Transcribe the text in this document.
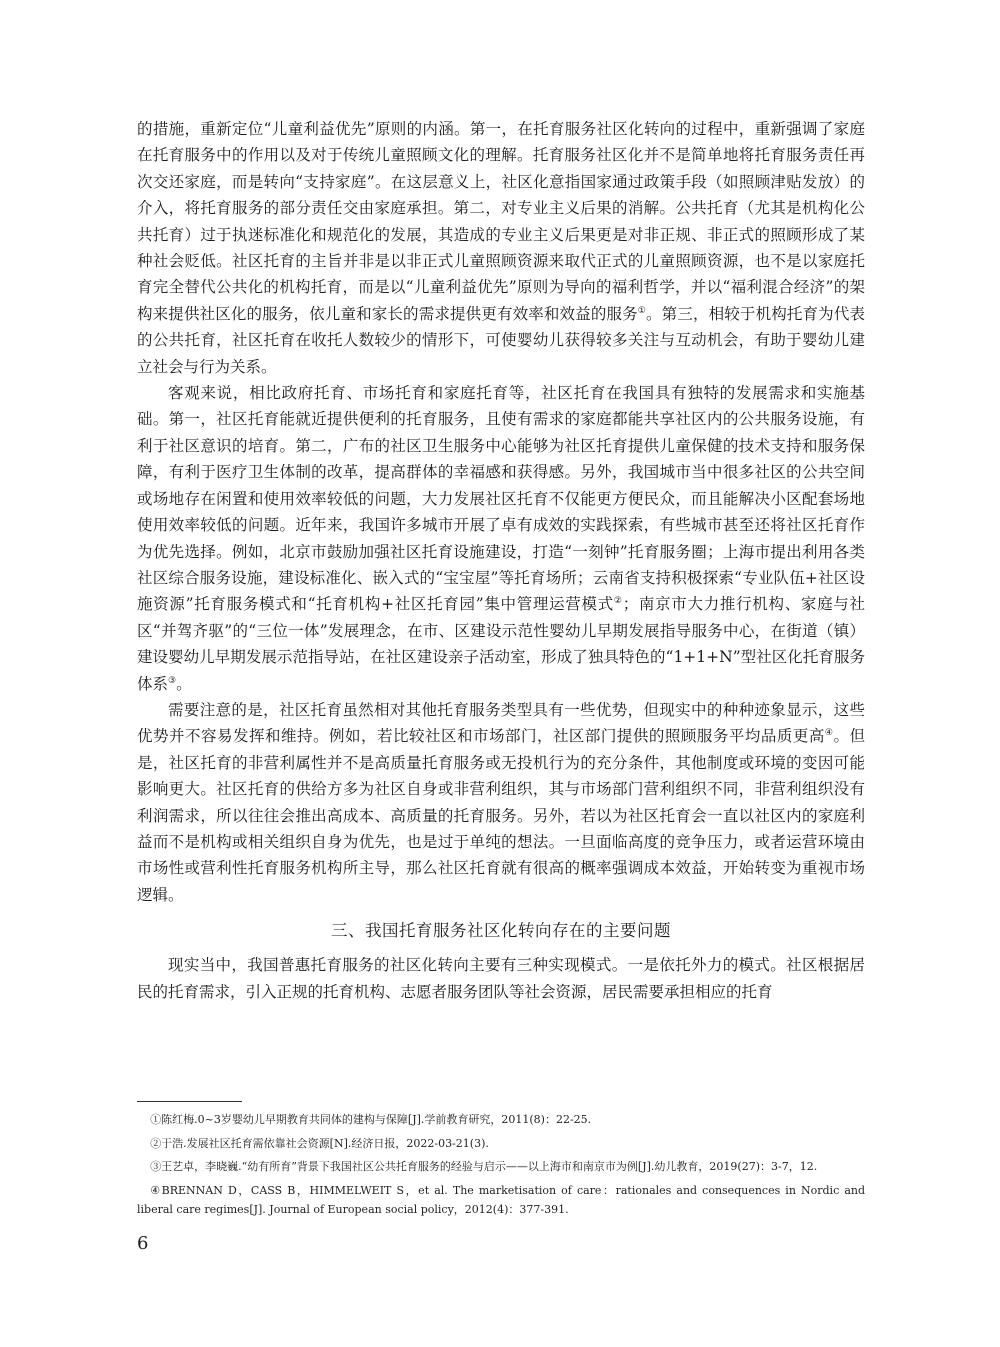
的措施，重新定位“儿童利益优先”原则的内涵。第一，在托育服务社区化转向的过程中，重新强调了家庭在托育服务中的作用以及对于传统儿童照顾文化的理解。托育服务社区化并不是简单地将托育服务责任再次交还家庭，而是转向“支持家庭”。在这层意义上，社区化意指国家通过政策手段（如照顾津贴发放）的介入，将托育服务的部分责任交由家庭承担。第二，对专业主义后果的消解。公共托育（尤其是机构化公共托育）过于执迷标准化和规范化的发展，其造成的专业主义后果更是对非正规、非正式的照顾形成了某种社会贬低。社区托育的主旨并非是以非正式儿童照顾资源来取代正式的儿童照顾资源，也不是以家庭托育完全替代公共化的机构托育，而是以“儿童利益优先”原则为导向的福利哲学，并以“福利混合经济”的架构来提供社区化的服务，依儿童和家长的需求提供更有效率和效益的服务①。第三，相较于机构托育为代表的公共托育，社区托育在收托人数较少的情形下，可使婴幼儿获得较多关注与互动机会，有助于婴幼儿建立社会与行为关系。

客观来说，相比政府托育、市场托育和家庭托育等，社区托育在我国具有独特的发展需求和实施基础。第一，社区托育能就近提供便利的托育服务，且使有需求的家庭都能共享社区内的公共服务设施，有利于社区意识的培育。第二，广布的社区卫生服务中心能够为社区托育提供儿童保健的技术支持和服务保障，有利于医疗卫生体制的改革，提高群体的幸福感和获得感。另外，我国城市当中很多社区的公共空间或场地存在闲置和使用效率较低的问题，大力发展社区托育不仅能更方便民众，而且能解决小区配套场地使用效率较低的问题。近年来，我国许多城市开展了卓有成效的实践探索，有些城市甚至还将社区托育作为优先选择。例如，北京市鼓励加强社区托育设施建设，打造“一刻钟”托育服务圈；上海市提出利用各类社区综合服务设施，建设标准化、嵌入式的“宝宝屋”等托育场所；云南省支持积极探索“专业队伍+社区设施资源”托育服务模式和“托育机构+社区托育园”集中管理运营模式②；南京市大力推行机构、家庭与社区“并驾齐驱”的“三位一体”发展理念，在市、区建设示范性婴幼儿早期发展指导服务中心，在街道（镇）建设婴幼儿早期发展示范指导站，在社区建设亲子活动室，形成了独具特色的“1+1+N”型社区化托育服务体系③。

需要注意的是，社区托育虽然相对其他托育服务类型具有一些优势，但现实中的种种迹象显示，这些优势并不容易发挥和维持。例如，若比较社区和市场部门，社区部门提供的照顾服务平均品质更高④。但是，社区托育的非营利属性并不是高质量托育服务或无投机行为的充分条件，其他制度或环境的变因可能影响更大。社区托育的供给方多为社区自身或非营利组织，其与市场部门营利组织不同，非营利组织没有利润需求，所以往往会推出高成本、高质量的托育服务。另外，若以为社区托育会一直以社区内的家庭利益而不是机构或相关组织自身为优先，也是过于单纯的想法。一旦面临高度的竞争压力，或者运营环境由市场性或营利性托育服务机构所主导，那么社区托育就有很高的概率强调成本效益，开始转变为重视市场逻辑。

三、我国托育服务社区化转向存在的主要问题

现实当中，我国普惠托育服务的社区化转向主要有三种实现模式。一是依托外力的模式。社区根据居民的托育需求，引入正规的托育机构、志愿者服务团队等社会资源，居民需要承担相应的托育

①陈红梅.0~3岁婴幼儿早期教育共同体的建构与保障[J].学前教育研究，2011(8)：22-25.

②于浩.发展社区托育需依靠社会资源[N].经济日报，2022-03-21(3).

③王艺卓，李晓巍.“幼有所育”背景下我国社区公共托育服务的经验与启示——以上海市和南京市为例[J].幼儿教育，2019(27)：3-7，12.

④BRENNAN D，CASS B，HIMMELWEIT S，et al. The marketisation of care：rationales and consequences in Nordic and liberal care regimes[J]. Journal of European social policy，2012(4)：377-391.

6
